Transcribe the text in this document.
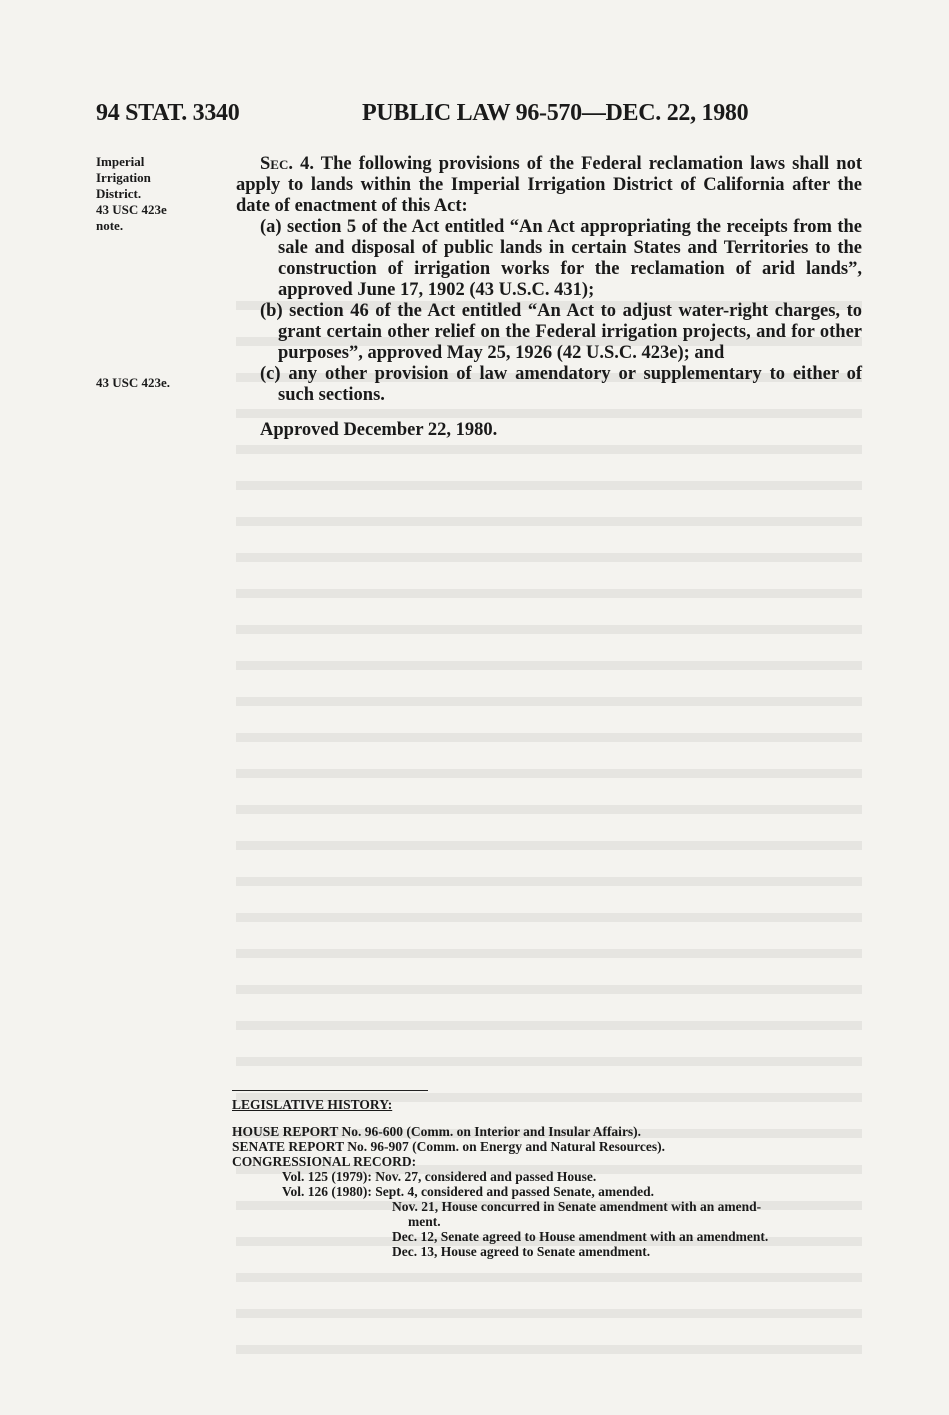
94 STAT. 3340	PUBLIC LAW 96-570—DEC. 22, 1980
Imperial
Irrigation
District.
43 USC 423e
note.
43 USC 423e.

Sec. 4. The following provisions of the Federal reclamation laws shall not apply to lands within the Imperial Irrigation District of California after the date of enactment of this Act:

(a) section 5 of the Act entitled “An Act appropriating the receipts from the sale and disposal of public lands in certain States and Territories to the construction of irrigation works for the reclamation of arid lands”, approved June 17, 1902 (43 U.S.C. 431);

(b) section 46 of the Act entitled “An Act to adjust water-right charges, to grant certain other relief on the Federal irrigation projects, and for other purposes”, approved May 25, 1926 (42 U.S.C. 423e); and

(c) any other provision of law amendatory or supplementary to either of such sections.

Approved December 22, 1980.

LEGISLATIVE HISTORY:
HOUSE REPORT No. 96-600 (Comm. on Interior and Insular Affairs).
SENATE REPORT No. 96-907 (Comm. on Energy and Natural Resources).
CONGRESSIONAL RECORD:
Vol. 125 (1979): Nov. 27, considered and passed House.
Vol. 126 (1980): Sept. 4, considered and passed Senate, amended.
Nov. 21, House concurred in Senate amendment with an amend-
ment.
Dec. 12, Senate agreed to House amendment with an amendment.
Dec. 13, House agreed to Senate amendment.
